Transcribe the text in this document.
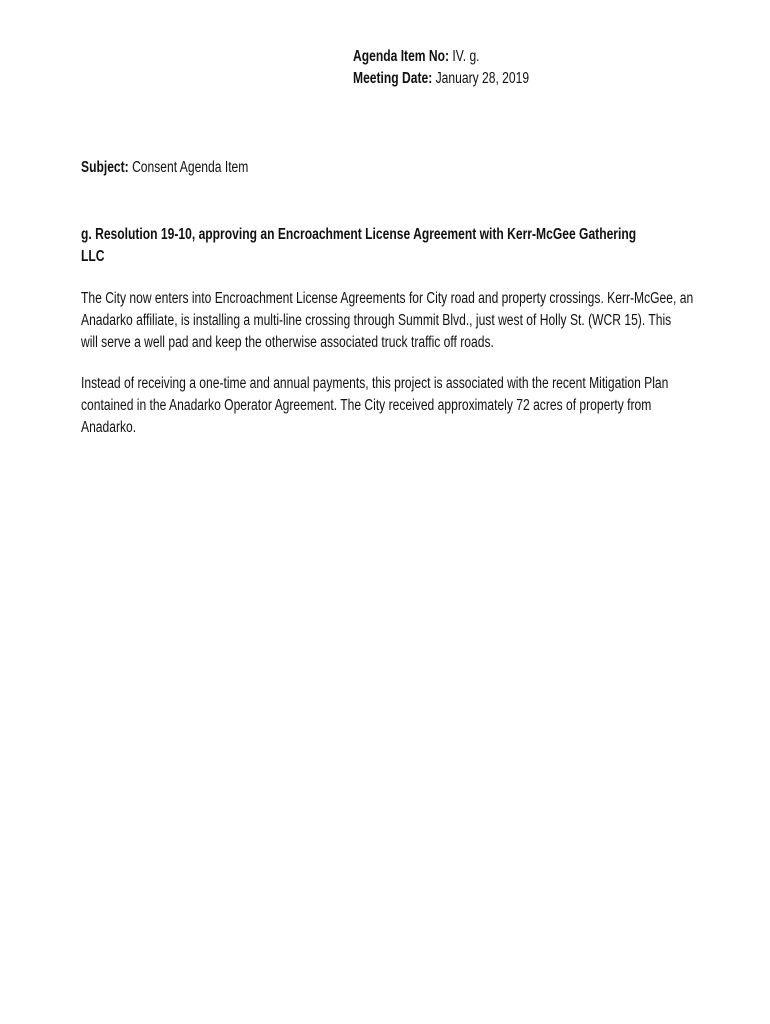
Agenda Item No: IV. g.
Meeting Date: January 28, 2019
Subject: Consent Agenda Item
g. Resolution 19-10, approving an Encroachment License Agreement with Kerr-McGee Gathering
LLC
The City now enters into Encroachment License Agreements for City road and property crossings. Kerr-McGee, an
Anadarko affiliate, is installing a multi-line crossing through Summit Blvd., just west of Holly St. (WCR 15). This
will serve a well pad and keep the otherwise associated truck traffic off roads.
Instead of receiving a one-time and annual payments, this project is associated with the recent Mitigation Plan
contained in the Anadarko Operator Agreement. The City received approximately 72 acres of property from
Anadarko.
